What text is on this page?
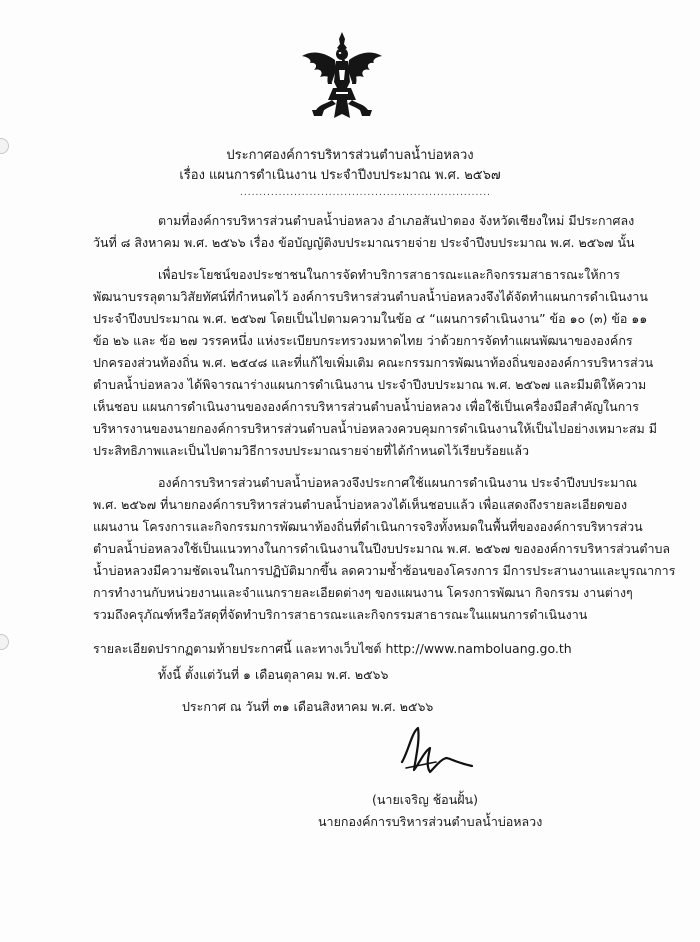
ประกาศองค์การบริหารส่วนตำบลน้ำบ่อหลวง
เรื่อง แผนการดำเนินงาน ประจำปีงบประมาณ พ.ศ. ๒๕๖๗
.................................................................
ตามที่องค์การบริหารส่วนตำบลน้ำบ่อหลวง อำเภอสันป่าตอง จังหวัดเชียงใหม่ มีประกาศลง
วันที่ ๘ สิงหาคม พ.ศ. ๒๕๖๖ เรื่อง ข้อบัญญัติงบประมาณรายจ่าย ประจำปีงบประมาณ พ.ศ. ๒๕๖๗ นั้น
เพื่อประโยชน์ของประชาชนในการจัดทำบริการสาธารณะและกิจกรรมสาธารณะให้การ
พัฒนาบรรลุตามวิสัยทัศน์ที่กำหนดไว้ องค์การบริหารส่วนตำบลน้ำบ่อหลวงจึงได้จัดทำแผนการดำเนินงาน
ประจำปีงบประมาณ พ.ศ. ๒๕๖๗ โดยเป็นไปตามความในข้อ ๔ “แผนการดำเนินงาน” ข้อ ๑๐ (๓) ข้อ ๑๑
ข้อ ๒๖ และ ข้อ ๒๗ วรรคหนึ่ง แห่งระเบียบกระทรวงมหาดไทย ว่าด้วยการจัดทำแผนพัฒนาขององค์กร
ปกครองส่วนท้องถิ่น พ.ศ. ๒๕๔๘ และที่แก้ไขเพิ่มเติม คณะกรรมการพัฒนาท้องถิ่นขององค์การบริหารส่วน
ตำบลน้ำบ่อหลวง ได้พิจารณาร่างแผนการดำเนินงาน ประจำปีงบประมาณ พ.ศ. ๒๕๖๗ และมีมติให้ความ
เห็นชอบ แผนการดำเนินงานขององค์การบริหารส่วนตำบลน้ำบ่อหลวง เพื่อใช้เป็นเครื่องมือสำคัญในการ
บริหารงานของนายกองค์การบริหารส่วนตำบลน้ำบ่อหลวงควบคุมการดำเนินงานให้เป็นไปอย่างเหมาะสม มี
ประสิทธิภาพและเป็นไปตามวิธีการงบประมาณรายจ่ายที่ได้กำหนดไว้เรียบร้อยแล้ว
องค์การบริหารส่วนตำบลน้ำบ่อหลวงจึงประกาศใช้แผนการดำเนินงาน ประจำปีงบประมาณ
พ.ศ. ๒๕๖๗ ที่นายกองค์การบริหารส่วนตำบลน้ำบ่อหลวงได้เห็นชอบแล้ว เพื่อแสดงถึงรายละเอียดของ
แผนงาน โครงการและกิจกรรมการพัฒนาท้องถิ่นที่ดำเนินการจริงทั้งหมดในพื้นที่ขององค์การบริหารส่วน
ตำบลน้ำบ่อหลวงใช้เป็นแนวทางในการดำเนินงานในปีงบประมาณ พ.ศ. ๒๕๖๗ ขององค์การบริหารส่วนตำบล
น้ำบ่อหลวงมีความชัดเจนในการปฏิบัติมากขึ้น ลดความซ้ำซ้อนของโครงการ มีการประสานงานและบูรณาการ
การทำงานกับหน่วยงานและจำแนกรายละเอียดต่างๆ ของแผนงาน โครงการพัฒนา กิจกรรม งานต่างๆ
รวมถึงครุภัณฑ์หรือวัสดุที่จัดทำบริการสาธารณะและกิจกรรมสาธารณะในแผนการดำเนินงาน
รายละเอียดปรากฏตามท้ายประกาศนี้ และทางเว็บไซต์ http://www.namboluang.go.th
ทั้งนี้ ตั้งแต่วันที่ ๑ เดือนตุลาคม พ.ศ. ๒๕๖๖
ประกาศ ณ วันที่ ๓๑ เดือนสิงหาคม พ.ศ. ๒๕๖๖
(นายเจริญ ช้อนฝั้น)
นายกองค์การบริหารส่วนตำบลน้ำบ่อหลวง
